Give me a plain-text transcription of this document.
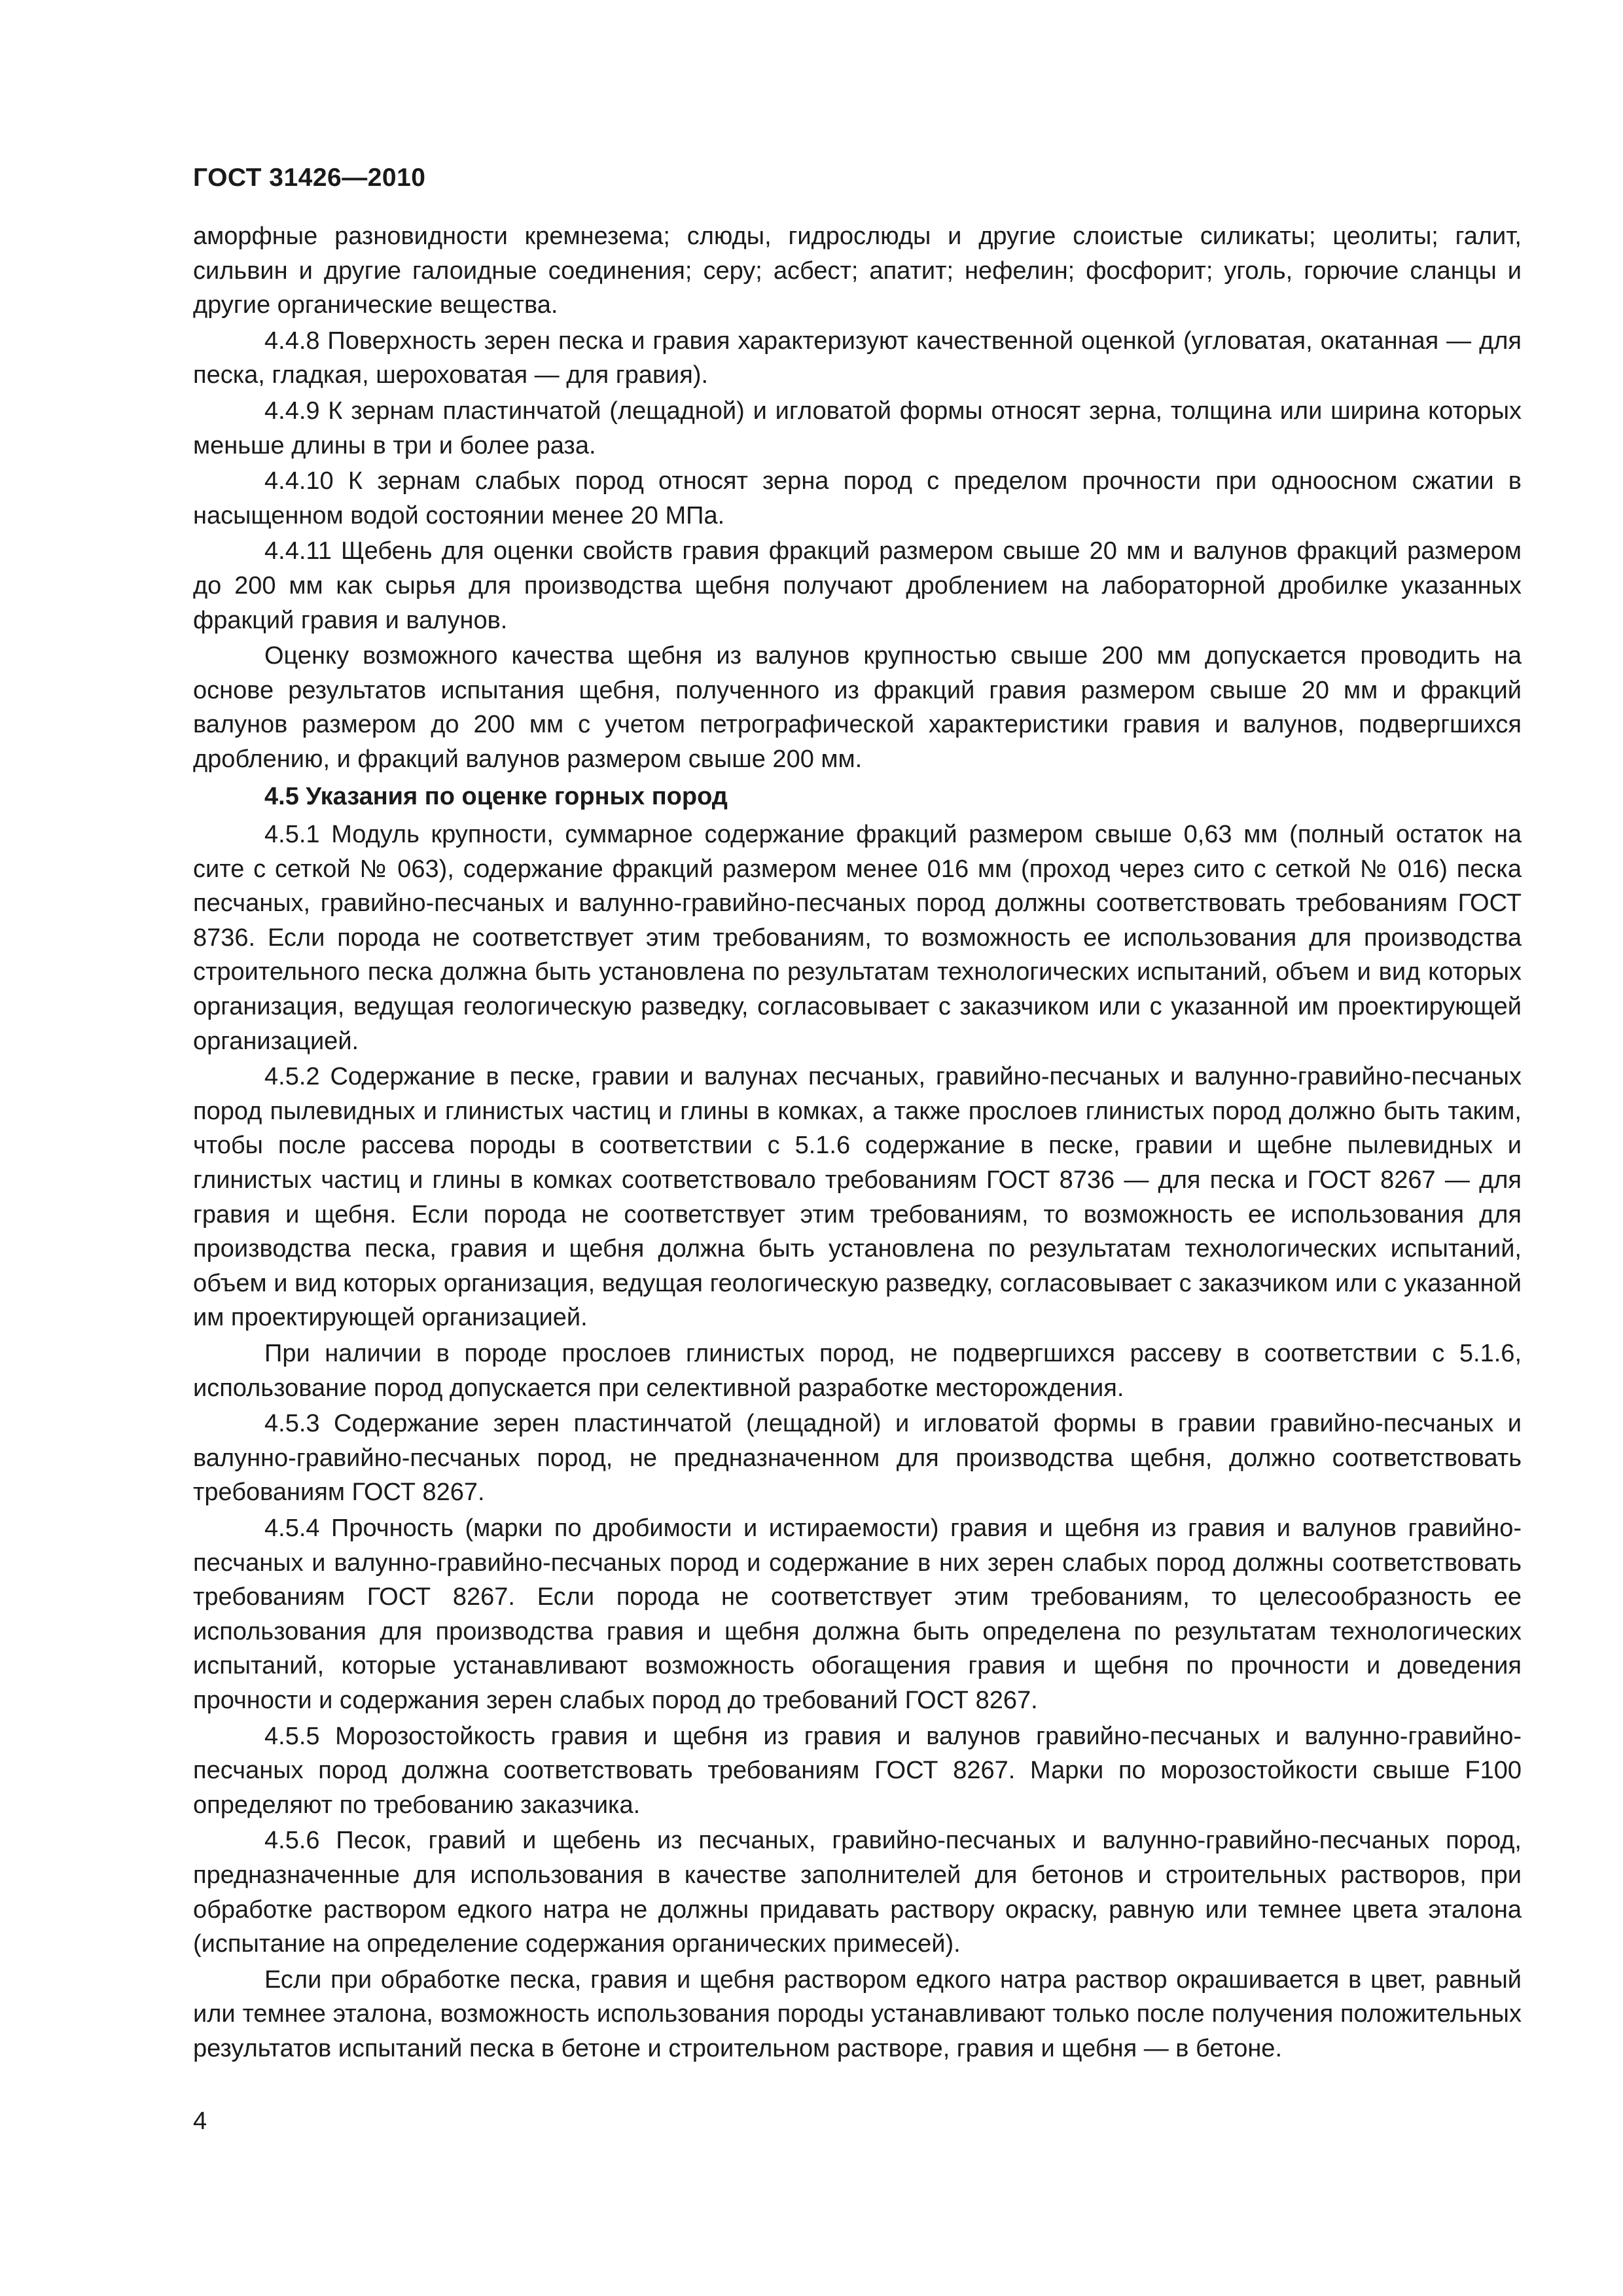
ГОСТ 31426—2010

аморфные разновидности кремнезема; слюды, гидрослюды и другие слоистые силикаты; цеолиты; галит, сильвин и другие галоидные соединения; серу; асбест; апатит; нефелин; фосфорит; уголь, горючие сланцы и другие органические вещества.

4.4.8 Поверхность зерен песка и гравия характеризуют качественной оценкой (угловатая, окатанная — для песка, гладкая, шероховатая — для гравия).

4.4.9 К зернам пластинчатой (лещадной) и игловатой формы относят зерна, толщина или ширина которых меньше длины в три и более раза.

4.4.10 К зернам слабых пород относят зерна пород с пределом прочности при одноосном сжатии в насыщенном водой состоянии менее 20 МПа.

4.4.11 Щебень для оценки свойств гравия фракций размером свыше 20 мм и валунов фракций размером до 200 мм как сырья для производства щебня получают дроблением на лабораторной дробилке указанных фракций гравия и валунов.

Оценку возможного качества щебня из валунов крупностью свыше 200 мм допускается проводить на основе результатов испытания щебня, полученного из фракций гравия размером свыше 20 мм и фракций валунов размером до 200 мм с учетом петрографической характеристики гравия и валунов, подвергшихся дроблению, и фракций валунов размером свыше 200 мм.

4.5 Указания по оценке горных пород

4.5.1 Модуль крупности, суммарное содержание фракций размером свыше 0,63 мм (полный остаток на сите с сеткой № 063), содержание фракций размером менее 016 мм (проход через сито с сеткой № 016) песка песчаных, гравийно-песчаных и валунно-гравийно-песчаных пород должны соответствовать требованиям ГОСТ 8736. Если порода не соответствует этим требованиям, то возможность ее использования для производства строительного песка должна быть установлена по результатам технологических испытаний, объем и вид которых организация, ведущая геологическую разведку, согласовывает с заказчиком или с указанной им проектирующей организацией.

4.5.2 Содержание в песке, гравии и валунах песчаных, гравийно-песчаных и валунно-гравийно-песчаных пород пылевидных и глинистых частиц и глины в комках, а также прослоев глинистых пород должно быть таким, чтобы после рассева породы в соответствии с 5.1.6 содержание в песке, гравии и щебне пылевидных и глинистых частиц и глины в комках соответствовало требованиям ГОСТ 8736 — для песка и ГОСТ 8267 — для гравия и щебня. Если порода не соответствует этим требованиям, то возможность ее использования для производства песка, гравия и щебня должна быть установлена по результатам технологических испытаний, объем и вид которых организация, ведущая геологическую разведку, согласовывает с заказчиком или с указанной им проектирующей организацией.

При наличии в породе прослоев глинистых пород, не подвергшихся рассеву в соответствии с 5.1.6, использование пород допускается при селективной разработке месторождения.

4.5.3 Содержание зерен пластинчатой (лещадной) и игловатой формы в гравии гравийно-песчаных и валунно-гравийно-песчаных пород, не предназначенном для производства щебня, должно соответствовать требованиям ГОСТ 8267.

4.5.4 Прочность (марки по дробимости и истираемости) гравия и щебня из гравия и валунов гравийно-песчаных и валунно-гравийно-песчаных пород и содержание в них зерен слабых пород должны соответствовать требованиям ГОСТ 8267. Если порода не соответствует этим требованиям, то целесообразность ее использования для производства гравия и щебня должна быть определена по результатам технологических испытаний, которые устанавливают возможность обогащения гравия и щебня по прочности и доведения прочности и содержания зерен слабых пород до требований ГОСТ 8267.

4.5.5 Морозостойкость гравия и щебня из гравия и валунов гравийно-песчаных и валунно-гравийно-песчаных пород должна соответствовать требованиям ГОСТ 8267. Марки по морозостойкости свыше F100 определяют по требованию заказчика.

4.5.6 Песок, гравий и щебень из песчаных, гравийно-песчаных и валунно-гравийно-песчаных пород, предназначенные для использования в качестве заполнителей для бетонов и строительных растворов, при обработке раствором едкого натра не должны придавать раствору окраску, равную или темнее цвета эталона (испытание на определение содержания органических примесей).

Если при обработке песка, гравия и щебня раствором едкого натра раствор окрашивается в цвет, равный или темнее эталона, возможность использования породы устанавливают только после получения положительных результатов испытаний песка в бетоне и строительном растворе, гравия и щебня — в бетоне.

4
